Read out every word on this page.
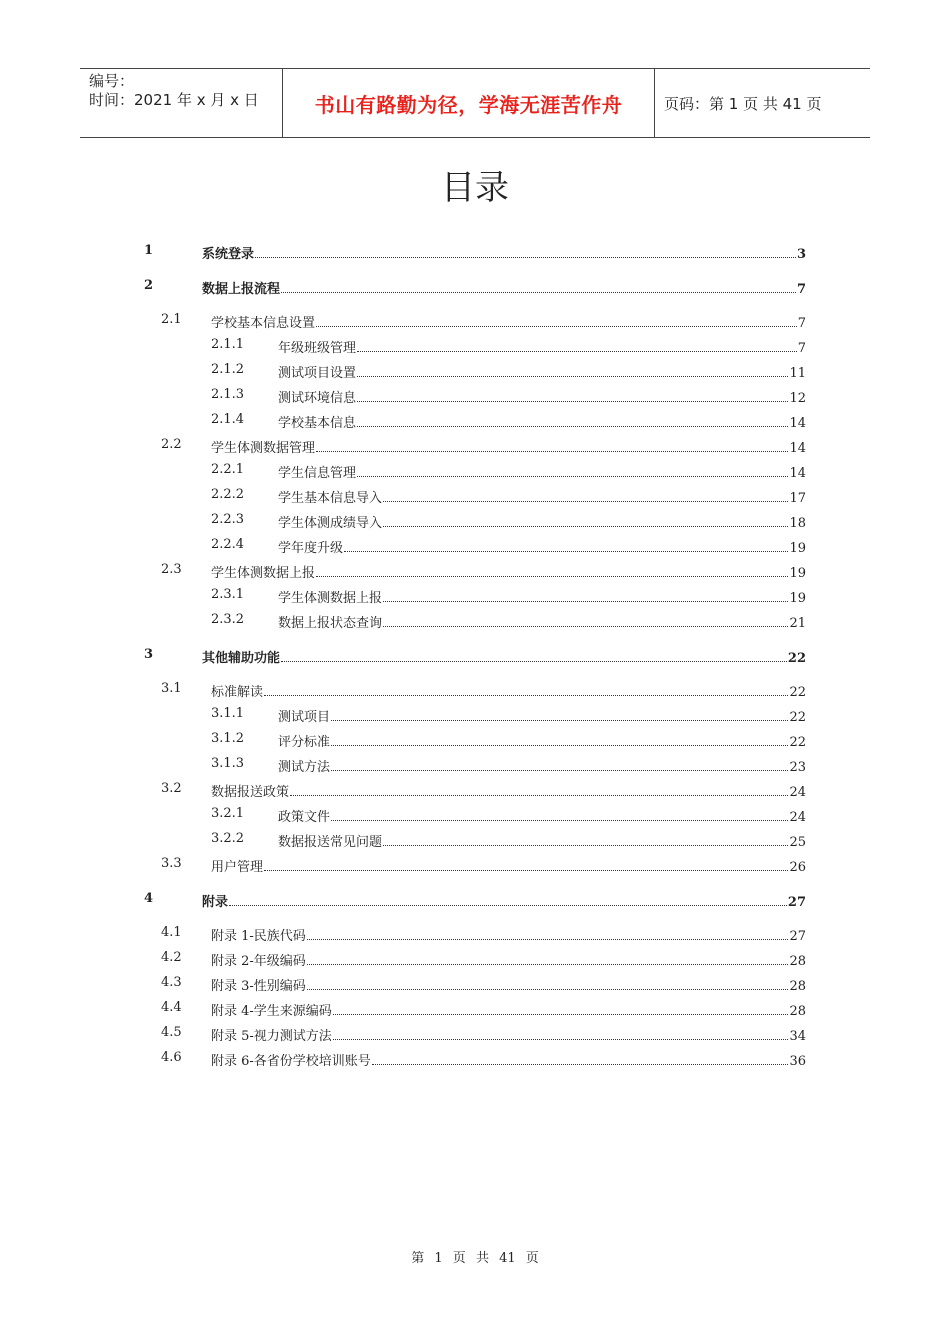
编号：
时间：2021 年 x 月 x 日	书山有路勤为径，学海无涯苦作舟	页码：第 1 页 共 41 页
目录
1	系统登录	3
2	数据上报流程	7
2.1 学校基本信息设置	7
2.1.1	年级班级管理	7
2.1.2	测试项目设置	11
2.1.3	测试环境信息	12
2.1.4	学校基本信息	14
2.2 学生体测数据管理	14
2.2.1	学生信息管理	14
2.2.2	学生基本信息导入	17
2.2.3	学生体测成绩导入	18
2.2.4	学年度升级	19
2.3 学生体测数据上报	19
2.3.1	学生体测数据上报	19
2.3.2	数据上报状态查询	21
3	其他辅助功能	22
3.1 标准解读	22
3.1.1	测试项目	22
3.1.2	评分标准	22
3.1.3	测试方法	23
3.2 数据报送政策	24
3.2.1	政策文件	24
3.2.2	数据报送常见问题	25
3.3 用户管理	26
4	附录	27
4.1 附录 1-民族代码	27
4.2 附录 2-年级编码	28
4.3 附录 3-性别编码	28
4.4 附录 4-学生来源编码	28
4.5 附录 5-视力测试方法	34
4.6 附录 6-各省份学校培训账号	36
第 1 页 共 41 页
